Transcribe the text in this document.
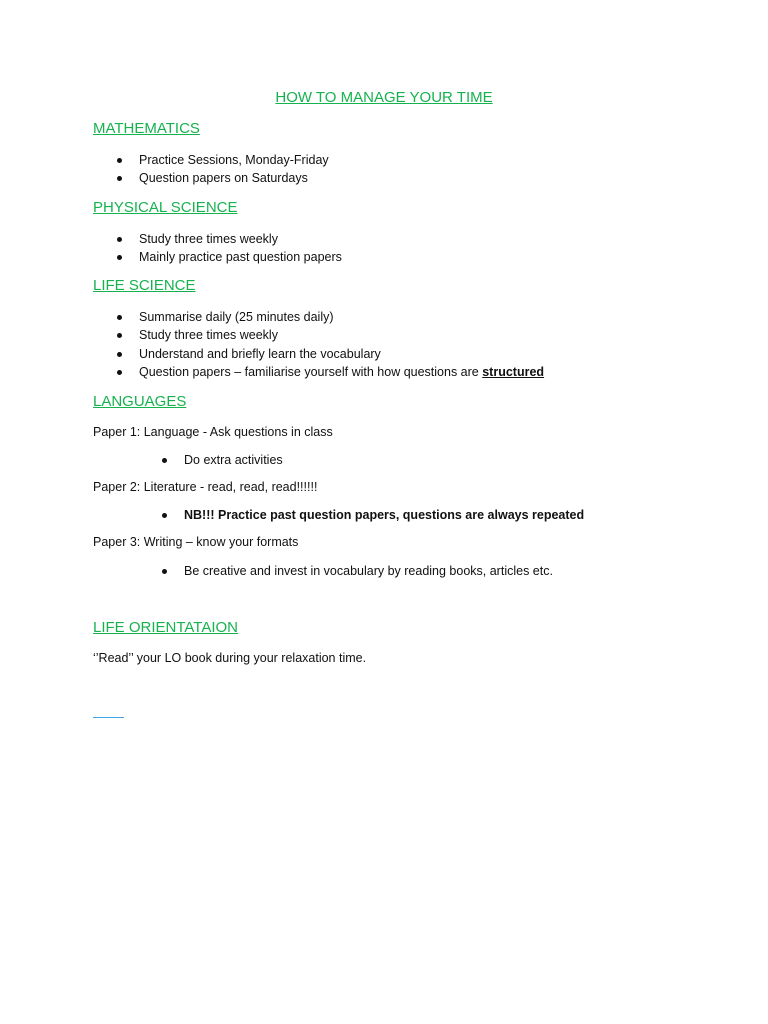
HOW TO MANAGE YOUR TIME
MATHEMATICS
Practice Sessions, Monday-Friday
Question papers on Saturdays
PHYSICAL SCIENCE
Study three times weekly
Mainly practice past question papers
LIFE SCIENCE
Summarise daily (25 minutes daily)
Study three times weekly
Understand and briefly learn the vocabulary
Question papers – familiarise yourself with how questions are structured
LANGUAGES
Paper 1: Language - Ask questions in class
Do extra activities
Paper 2: Literature - read, read, read!!!!!!
NB!!! Practice past question papers, questions are always repeated
Paper 3: Writing – know your formats
Be creative and invest in vocabulary by reading books, articles etc.
LIFE ORIENTATAION
‘’Read’’ your LO book during your relaxation time.
